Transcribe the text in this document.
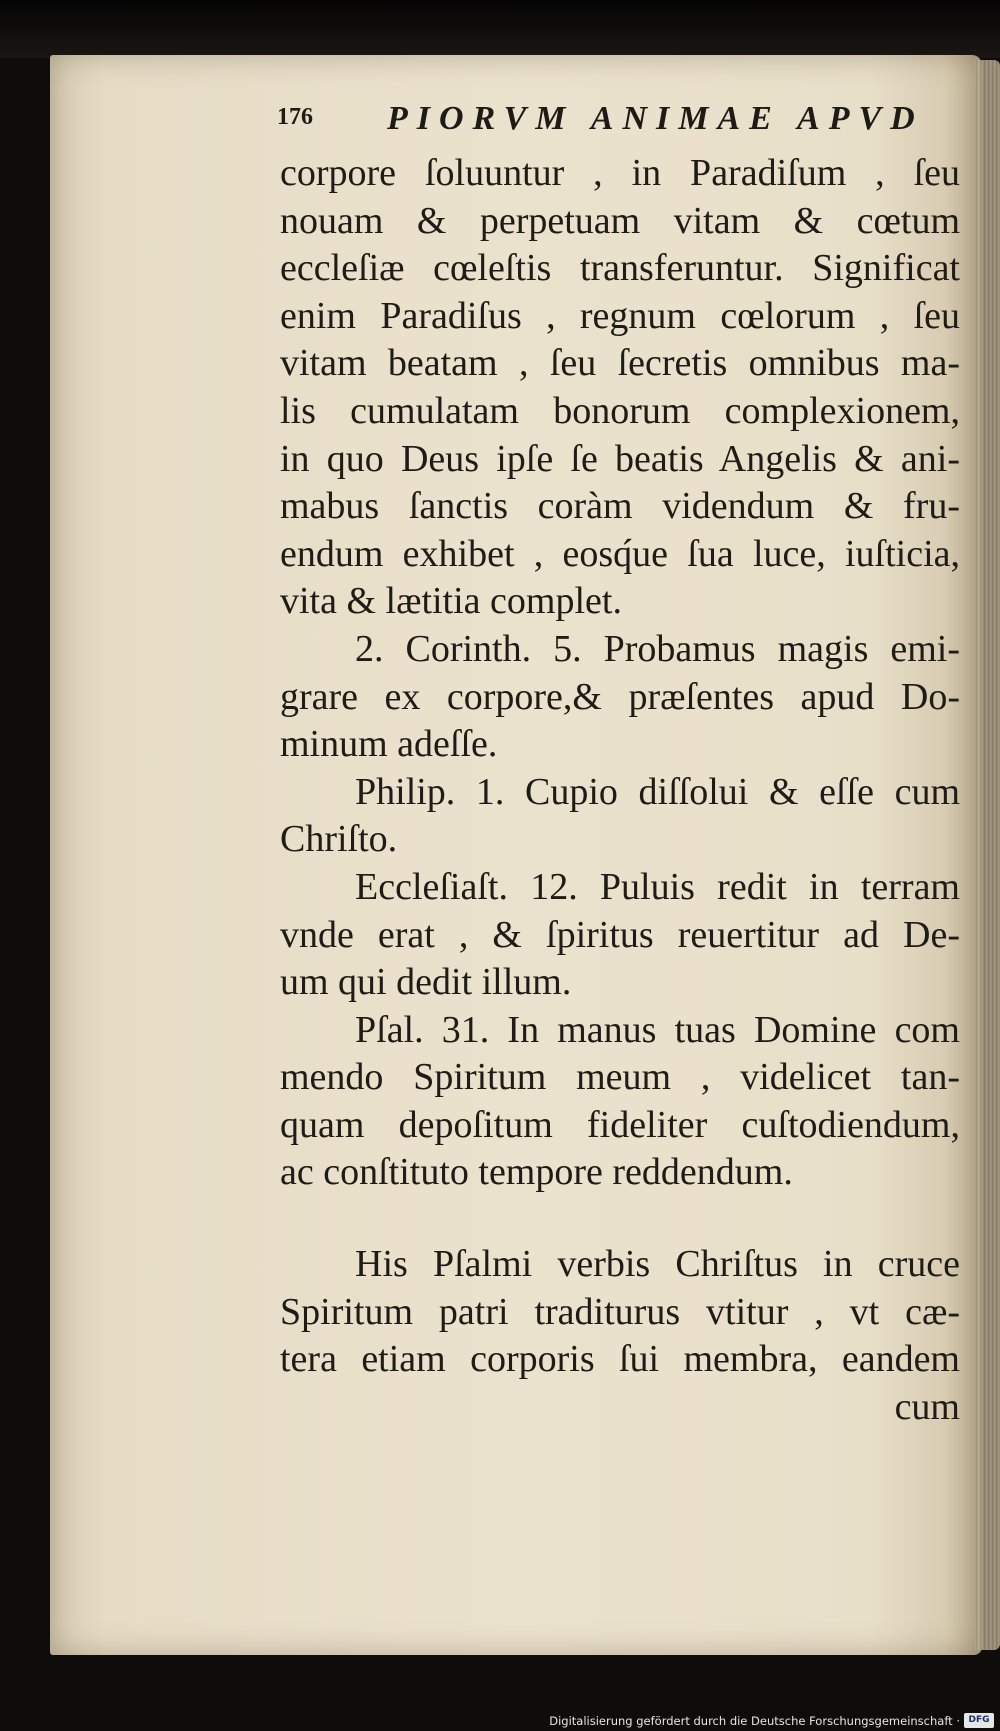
176 PIORVM ANIMAE APVD
corpore ſoluuntur , in Paradiſum , ſeu
nouam & perpetuam vitam & cœtum
eccleſiæ cœleſtis transferuntur. Significat
enim Paradiſus , regnum cœlorum , ſeu
vitam beatam , ſeu ſecretis omnibus ma-
lis cumulatam bonorum complexionem,
in quo Deus ipſe ſe beatis Angelis & ani-
mabus ſanctis coràm videndum & fru-
endum exhibet , eosq́ue ſua luce, iuſticia,
vita & lætitia complet.
2. Corinth. 5. Probamus magis emi-
grare ex corpore,& præſentes apud Do-
minum adeſſe.
Philip. 1. Cupio diſſolui & eſſe cum
Chriſto.
Eccleſiaſt. 12. Puluis redit in terram
vnde erat , & ſpiritus reuertitur ad De-
um qui dedit illum.
Pſal. 31. In manus tuas Domine com
mendo Spiritum meum , videlicet tan-
quam depoſitum fideliter cuſtodiendum,
ac conſtituto tempore reddendum.
His Pſalmi verbis Chriſtus in cruce
Spiritum patri traditurus vtitur , vt cæ-
tera etiam corporis ſui membra, eandem
cum
Digitalisierung gefördert durch die Deutsche Forschungsgemeinschaft · DFG
